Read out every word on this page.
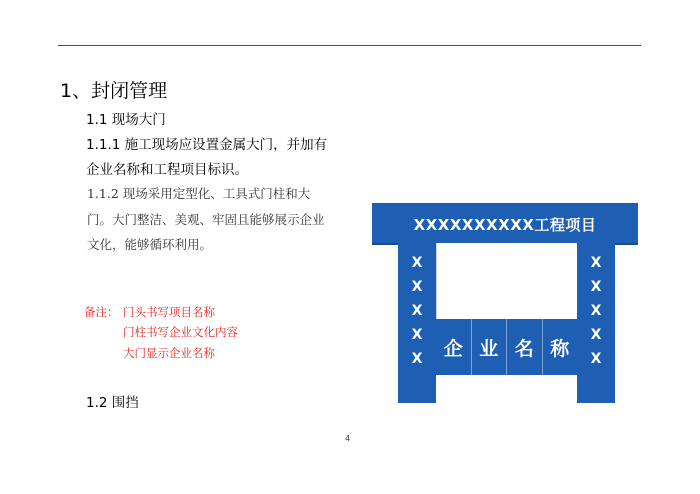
1、封闭管理
1.1 现场大门
1.1.1 施工现场应设置金属大门，并加有
企业名称和工程项目标识。
1.1.2 现场采用定型化、工具式门柱和大
门。大门整洁、美观、牢固且能够展示企业
文化，能够循环利用。
备注： 门头书写项目名称
门柱书写企业文化内容
大门显示企业名称
1.2 围挡
4
XXXXXXXXXX工程项目
X
X
X
X
X	企 业 名 称
X
X
X
X
X
